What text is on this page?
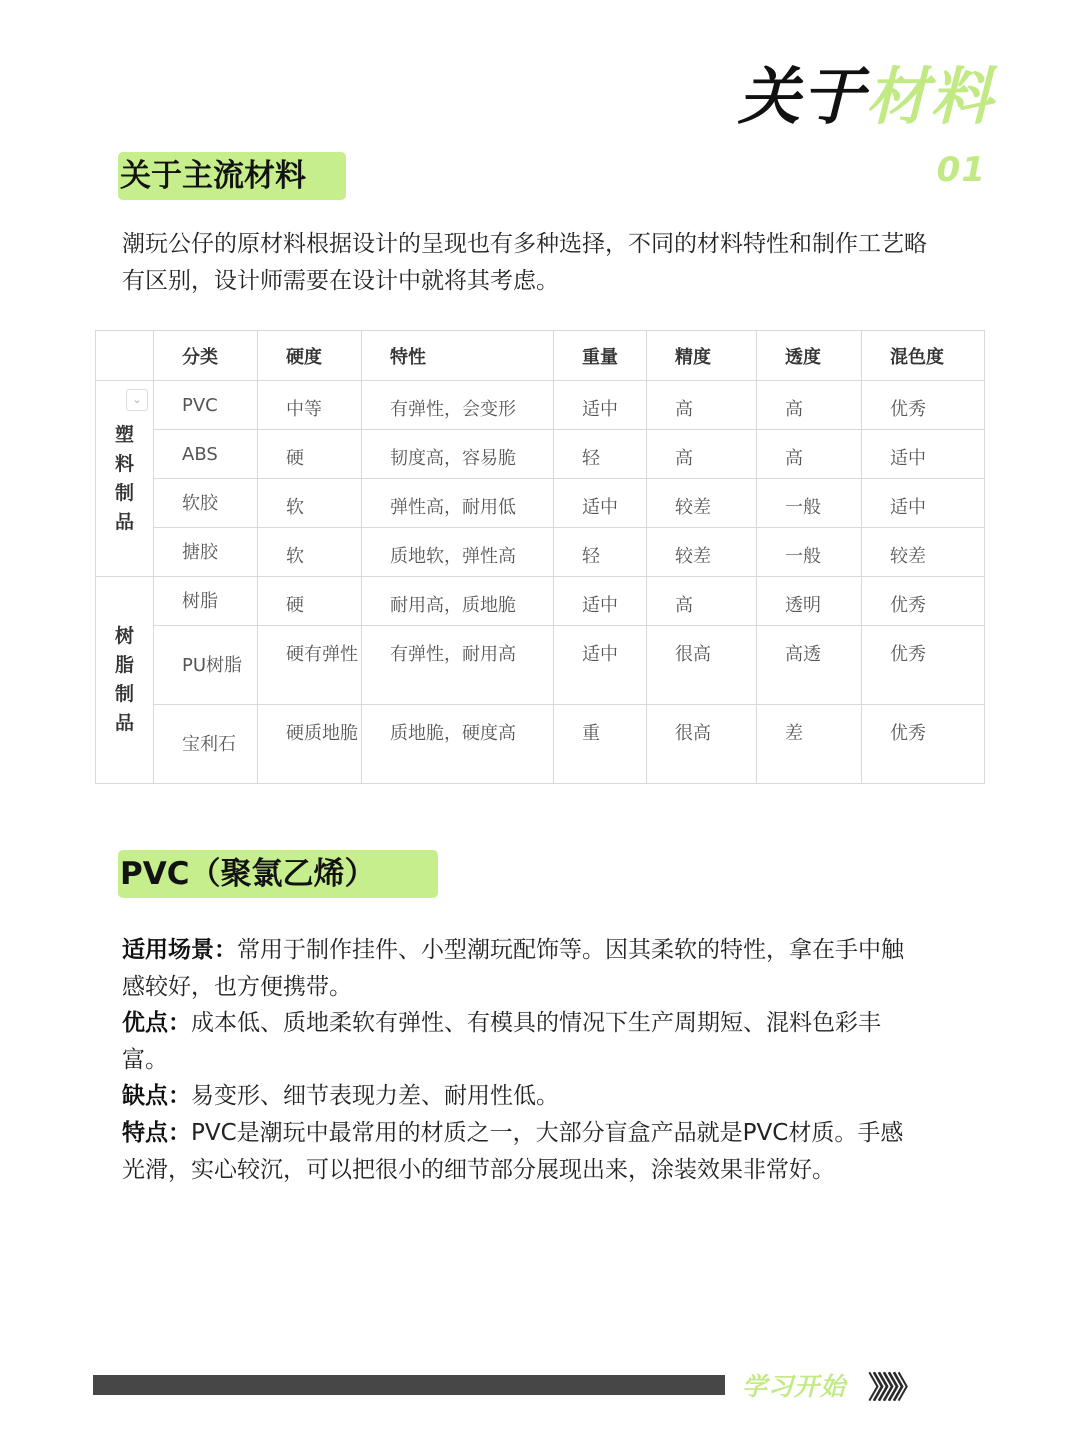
关于材料
01
关于主流材料
潮玩公仔的原材料根据设计的呈现也有多种选择，不同的材料特性和制作工艺略有区别，设计师需要在设计中就将其考虑。
	分类	硬度	特性	重量	精度	透度	混色度

⌄
塑料制品	PVC	中等	有弹性，会变形	适中	高	高	优秀
	ABS	硬	韧度高，容易脆	轻	高	高	适中
	软胶	软	弹性高，耐用低	适中	较差	一般	适中
	搪胶	软	质地软，弹性高	轻	较差	一般	较差
树脂制品	树脂	硬	耐用高，质地脆	适中	高	透明	优秀
	PU树脂	硬有弹性	有弹性，耐用高	适中	很高	高透	优秀
	宝利石	硬质地脆	质地脆，硬度高	重	很高	差	优秀
PVC（聚氯乙烯）

适用场景：常用于制作挂件、小型潮玩配饰等。因其柔软的特性，拿在手中触感较好，也方便携带。

优点：成本低、质地柔软有弹性、有模具的情况下生产周期短、混料色彩丰富。

缺点：易变形、细节表现力差、耐用性低。

特点：PVC是潮玩中最常用的材质之一，大部分盲盒产品就是PVC材质。手感光滑，实心较沉，可以把很小的细节部分展现出来，涂装效果非常好。

学习开始 》》》》》》
